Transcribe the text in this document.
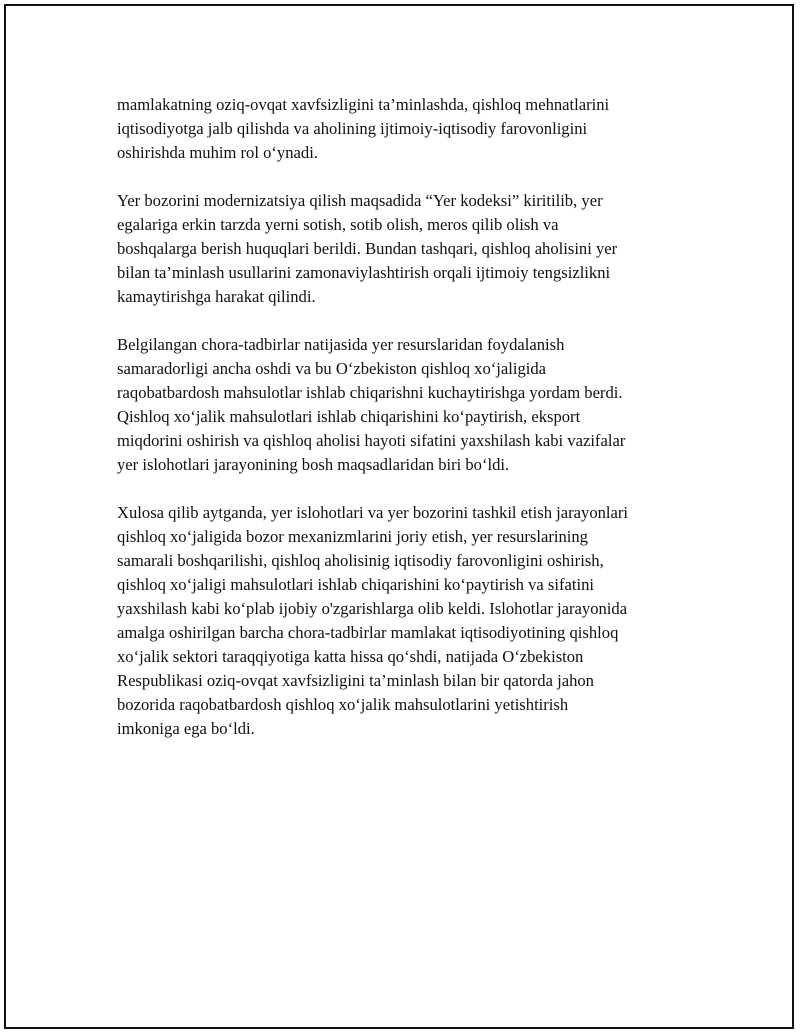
mamlakatning oziq-ovqat xavfsizligini ta’minlashda, qishloq mehnatlarini
iqtisodiyotga jalb qilishda va aholining ijtimoiy-iqtisodiy farovonligini
oshirishda muhim rol o‘ynadi.

Yer bozorini modernizatsiya qilish maqsadida “Yer kodeksi” kiritilib, yer
egalariga erkin tarzda yerni sotish, sotib olish, meros qilib olish va
boshqalarga berish huquqlari berildi. Bundan tashqari, qishloq aholisini yer
bilan ta’minlash usullarini zamonaviylashtirish orqali ijtimoiy tengsizlikni
kamaytirishga harakat qilindi.

Belgilangan chora-tadbirlar natijasida yer resurslaridan foydalanish
samaradorligi ancha oshdi va bu O‘zbekiston qishloq xo‘jaligida
raqobatbardosh mahsulotlar ishlab chiqarishni kuchaytirishga yordam berdi.
Qishloq xo‘jalik mahsulotlari ishlab chiqarishini ko‘paytirish, eksport
miqdorini oshirish va qishloq aholisi hayoti sifatini yaxshilash kabi vazifalar
yer islohotlari jarayonining bosh maqsadlaridan biri bo‘ldi.

Xulosa qilib aytganda, yer islohotlari va yer bozorini tashkil etish jarayonlari
qishloq xo‘jaligida bozor mexanizmlarini joriy etish, yer resurslarining
samarali boshqarilishi, qishloq aholisinig iqtisodiy farovonligini oshirish,
qishloq xo‘jaligi mahsulotlari ishlab chiqarishini ko‘paytirish va sifatini
yaxshilash kabi ko‘plab ijobiy o'zgarishlarga olib keldi. Islohotlar jarayonida
amalga oshirilgan barcha chora-tadbirlar mamlakat iqtisodiyotining qishloq
xo‘jalik sektori taraqqiyotiga katta hissa qo‘shdi, natijada O‘zbekiston
Respublikasi oziq-ovqat xavfsizligini ta’minlash bilan bir qatorda jahon
bozorida raqobatbardosh qishloq xo‘jalik mahsulotlarini yetishtirish
imkoniga ega bo‘ldi.
